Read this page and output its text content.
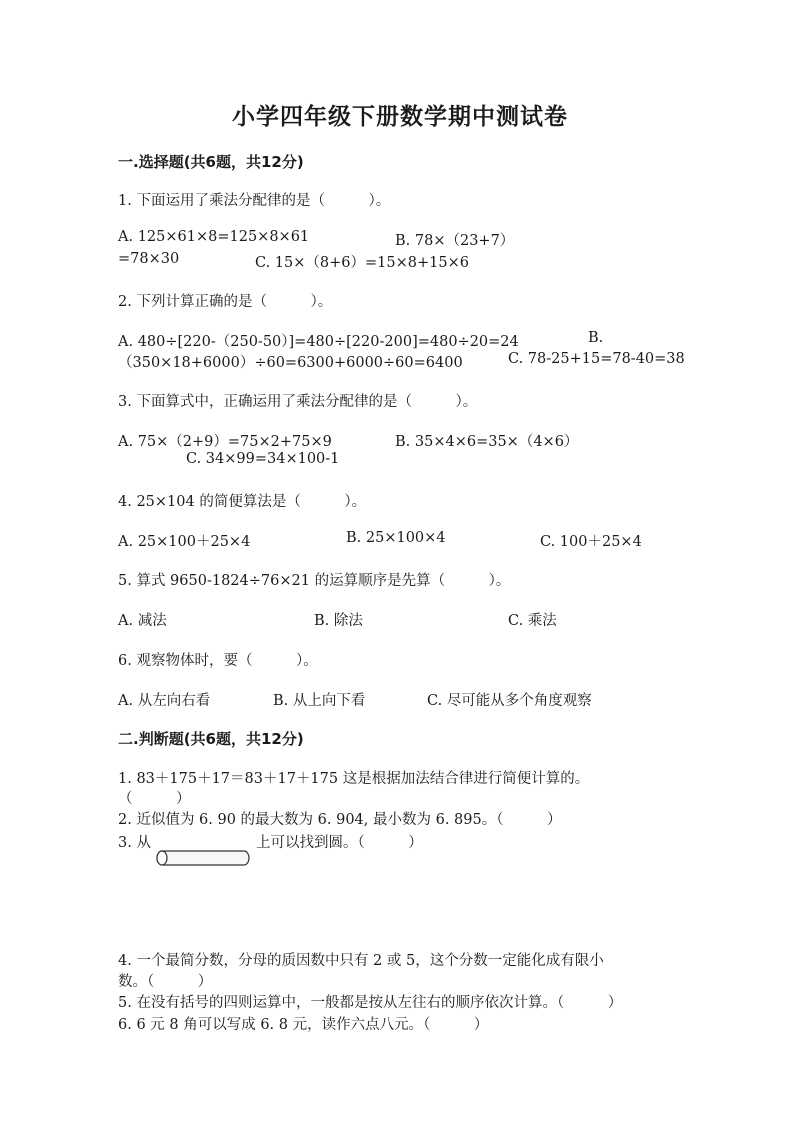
小学四年级下册数学期中测试卷
一.选择题(共6题，共12分)
1. 下面运用了乘法分配律的是（　　　）。
A. 125×61×8=125×8×61	B. 78×（23+7）
=78×30	C. 15×（8+6）=15×8+15×6
2. 下列计算正确的是（　　　）。
A. 480÷[220-（250-50）]=480÷[220-200]=480÷20=24	B.
（350×18+6000）÷60=6300+6000÷60=6400	C. 78-25+15=78-40=38
3. 下面算式中，正确运用了乘法分配律的是（　　　）。
A. 75×（2+9）=75×2+75×9	B. 35×4×6=35×（4×6）
C. 34×99=34×100-1
4. 25×104 的简便算法是（　　　）。
A. 25×100＋25×4	B. 25×100×4	C. 100＋25×4
5. 算式 9650-1824÷76×21 的运算顺序是先算（　　　）。
A. 减法	B. 除法	C. 乘法
6. 观察物体时，要（　　　）。
A. 从左向右看	B. 从上向下看	C. 尽可能从多个角度观察
二.判断题(共6题，共12分)
1. 83＋175＋17＝83＋17＋175 这是根据加法结合律进行简便计算的。
（　　　）
2. 近似值为 6. 90 的最大数为 6. 904, 最小数为 6. 895。（　　　）
3. 从	上可以找到圆。（　　　）
4. 一个最简分数，分母的质因数中只有 2 或 5，这个分数一定能化成有限小
数。（　　　）
5. 在没有括号的四则运算中，一般都是按从左往右的顺序依次计算。（　　　）
6. 6 元 8 角可以写成 6. 8 元，读作六点八元。（　　　）
